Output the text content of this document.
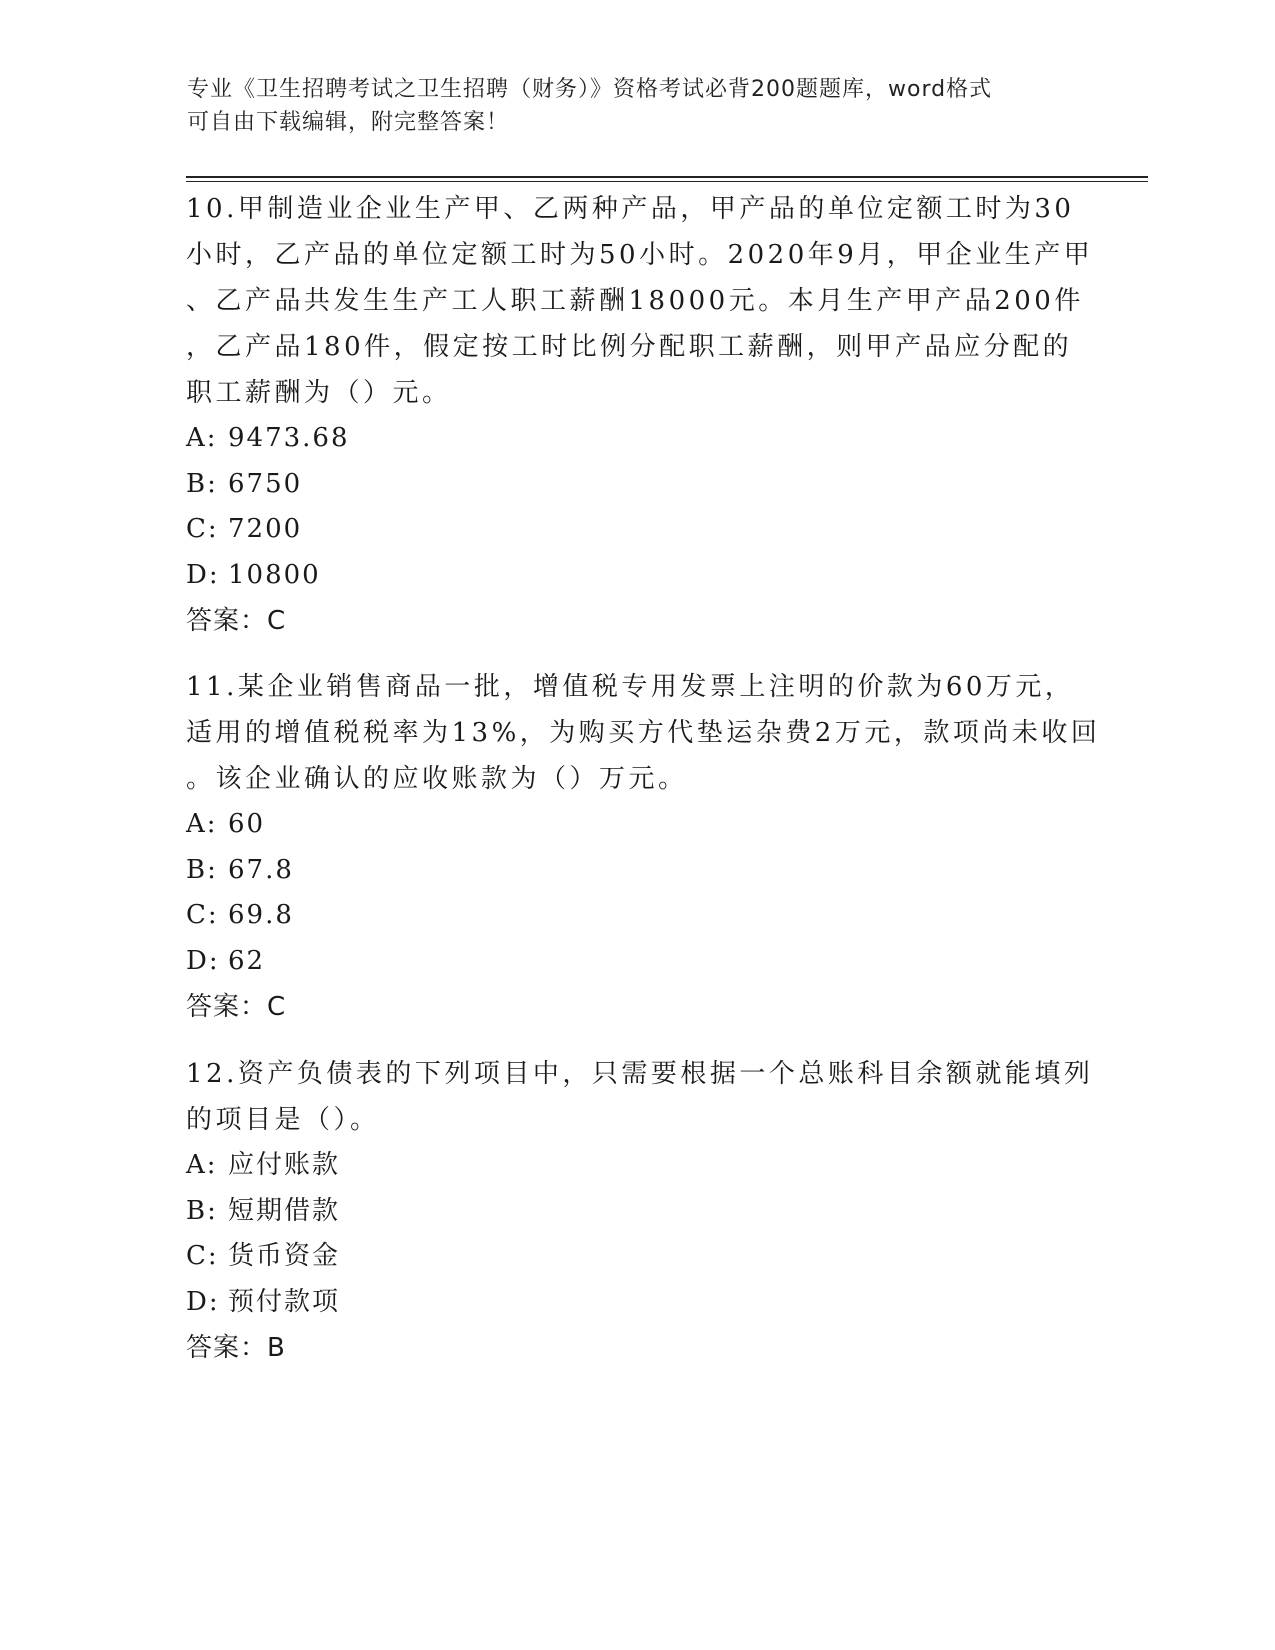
专业《卫生招聘考试之卫生招聘（财务）》资格考试必背200题题库，word格式
可自由下载编辑，附完整答案！
10.甲制造业企业生产甲、乙两种产品，甲产品的单位定额工时为30
小时，乙产品的单位定额工时为50小时。2020年9月，甲企业生产甲
、乙产品共发生生产工人职工薪酬18000元。本月生产甲产品200件
，乙产品180件，假定按工时比例分配职工薪酬，则甲产品应分配的
职工薪酬为（）元。
A: 9473.68
B: 6750
C: 7200
D: 10800
答案：C
11.某企业销售商品一批，增值税专用发票上注明的价款为60万元，
适用的增值税税率为13%，为购买方代垫运杂费2万元，款项尚未收回
。该企业确认的应收账款为（）万元。
A: 60
B: 67.8
C: 69.8
D: 62
答案：C
12.资产负债表的下列项目中，只需要根据一个总账科目余额就能填列
的项目是（）。
A: 应付账款
B: 短期借款
C: 货币资金
D: 预付款项
答案：B
